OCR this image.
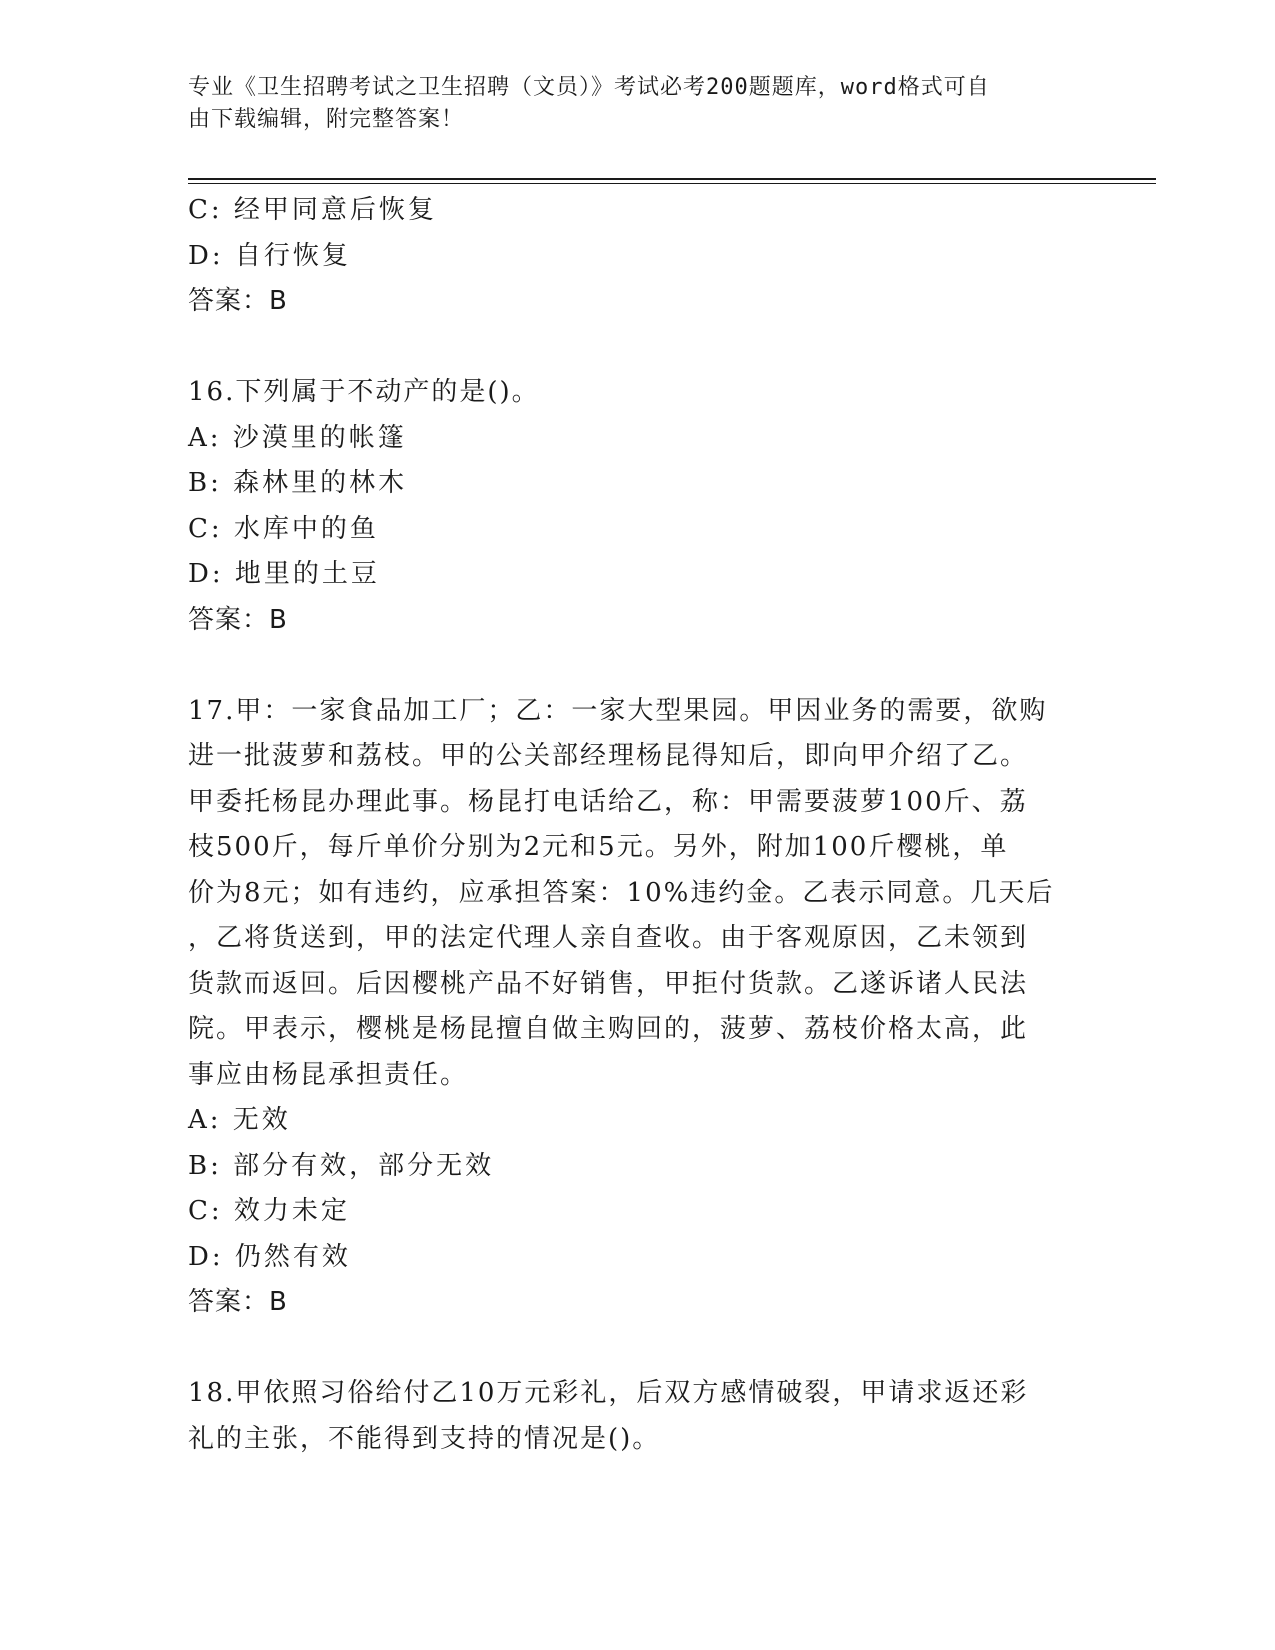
专业《卫生招聘考试之卫生招聘（文员）》考试必考200题题库，word格式可自
由下载编辑，附完整答案！
C: 经甲同意后恢复
D: 自行恢复
答案：B
16.下列属于不动产的是()。
A: 沙漠里的帐篷
B: 森林里的林木
C: 水库中的鱼
D: 地里的土豆
答案：B
17.甲：一家食品加工厂；乙：一家大型果园。甲因业务的需要，欲购
进一批菠萝和荔枝。甲的公关部经理杨昆得知后，即向甲介绍了乙。
甲委托杨昆办理此事。杨昆打电话给乙，称：甲需要菠萝100斤、荔
枝500斤，每斤单价分别为2元和5元。另外，附加100斤樱桃，单
价为8元；如有违约，应承担答案：10%违约金。乙表示同意。几天后
，乙将货送到，甲的法定代理人亲自查收。由于客观原因，乙未领到
货款而返回。后因樱桃产品不好销售，甲拒付货款。乙遂诉诸人民法
院。甲表示，樱桃是杨昆擅自做主购回的，菠萝、荔枝价格太高，此
事应由杨昆承担责任。
A: 无效
B: 部分有效，部分无效
C: 效力未定
D: 仍然有效
答案：B
18.甲依照习俗给付乙10万元彩礼，后双方感情破裂，甲请求返还彩
礼的主张，不能得到支持的情况是()。
